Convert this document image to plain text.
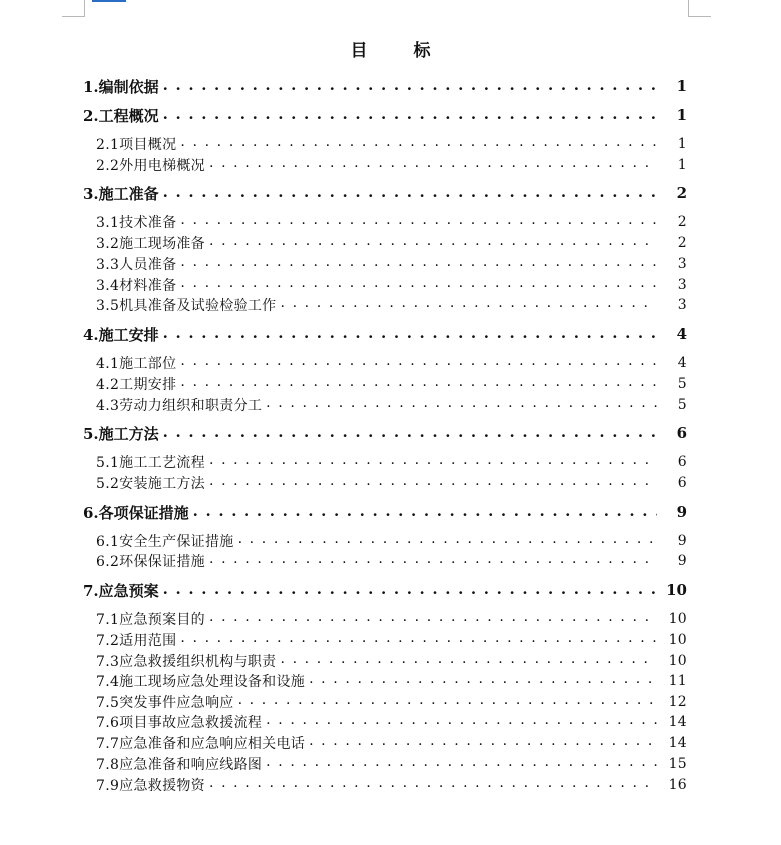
目 标
1.编制依据 . . .	1
2.工程概况 . . .	1
2.1项目概况 . . .	1
2.2外用电梯概况 . . .	1
3.施工准备 . . .	2
3.1技术准备 . . .	2
3.2施工现场准备 . . .	2
3.3人员准备 . . .	3
3.4材料准备 . . .	3
3.5机具准备及试验检验工作 . . .	3
4.施工安排 . . .	4
4.1施工部位 . . .	4
4.2工期安排 . . .	5
4.3劳动力组织和职责分工 . . .	5
5.施工方法 . . .	6
5.1施工工艺流程 . . .	6
5.2安装施工方法 . . .	6
6.各项保证措施 . . .	9
6.1安全生产保证措施 . . .	9
6.2环保保证措施 . . .	9
7.应急预案 . . .	10
7.1应急预案目的 . . .	10
7.2适用范围 . . .	10
7.3应急救援组织机构与职责 . . .	10
7.4施工现场应急处理设备和设施 . . .	11
7.5突发事件应急响应 . . .	12
7.6项目事故应急救援流程 . . .	14
7.7应急准备和应急响应相关电话 . . .	14
7.8应急准备和响应线路图 . . .	15
7.9应急救援物资 . . .	16
